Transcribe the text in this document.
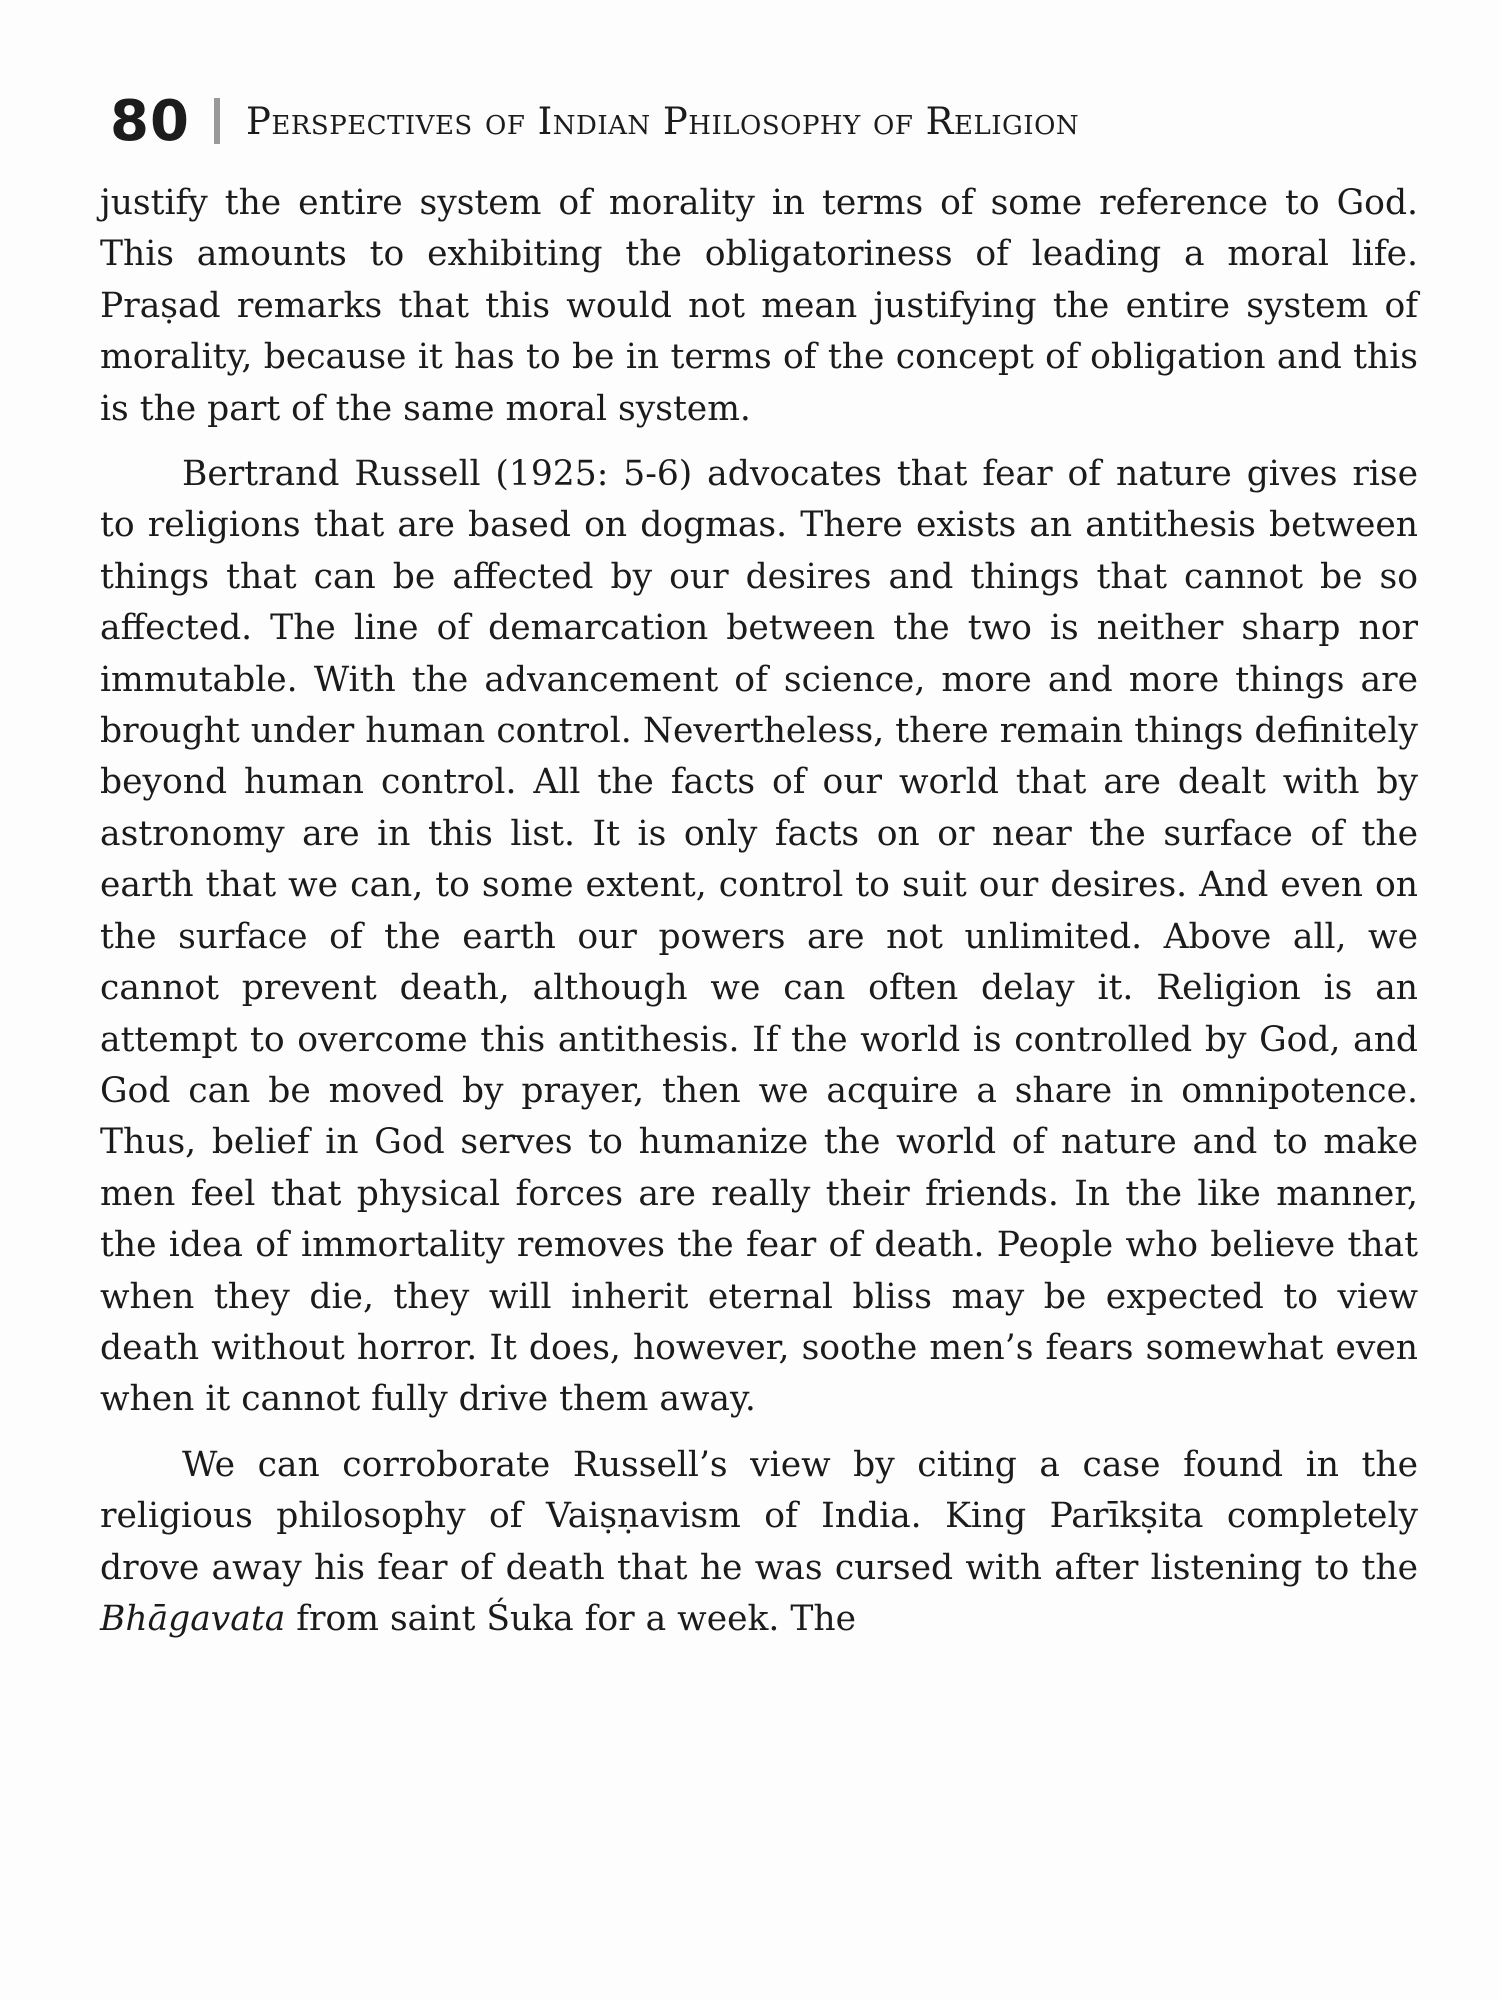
80 Perspectives of Indian Philosophy of Religion

justify the entire system of morality in terms of some reference to God. This amounts to exhibiting the obligatoriness of leading a moral life. Praṣad remarks that this would not mean justifying the entire system of morality, because it has to be in terms of the concept of obligation and this is the part of the same moral system.

Bertrand Russell (1925: 5-6) advocates that fear of nature gives rise to religions that are based on dogmas. There exists an antithesis between things that can be affected by our desires and things that cannot be so affected. The line of demarcation between the two is neither sharp nor immutable. With the advancement of science, more and more things are brought under human control. Nevertheless, there remain things definitely beyond human control. All the facts of our world that are dealt with by astronomy are in this list. It is only facts on or near the surface of the earth that we can, to some extent, control to suit our desires. And even on the surface of the earth our powers are not unlimited. Above all, we cannot prevent death, although we can often delay it. Religion is an attempt to overcome this antithesis. If the world is controlled by God, and God can be moved by prayer, then we acquire a share in omnipotence. Thus, belief in God serves to humanize the world of nature and to make men feel that physical forces are really their friends. In the like manner, the idea of immortality removes the fear of death. People who believe that when they die, they will inherit eternal bliss may be expected to view death without horror. It does, however, soothe men’s fears somewhat even when it cannot fully drive them away.

We can corroborate Russell’s view by citing a case found in the religious philosophy of Vaiṣṇavism of India. King Parīkṣita completely drove away his fear of death that he was cursed with after listening to the Bhāgavata from saint Śuka for a week. The
